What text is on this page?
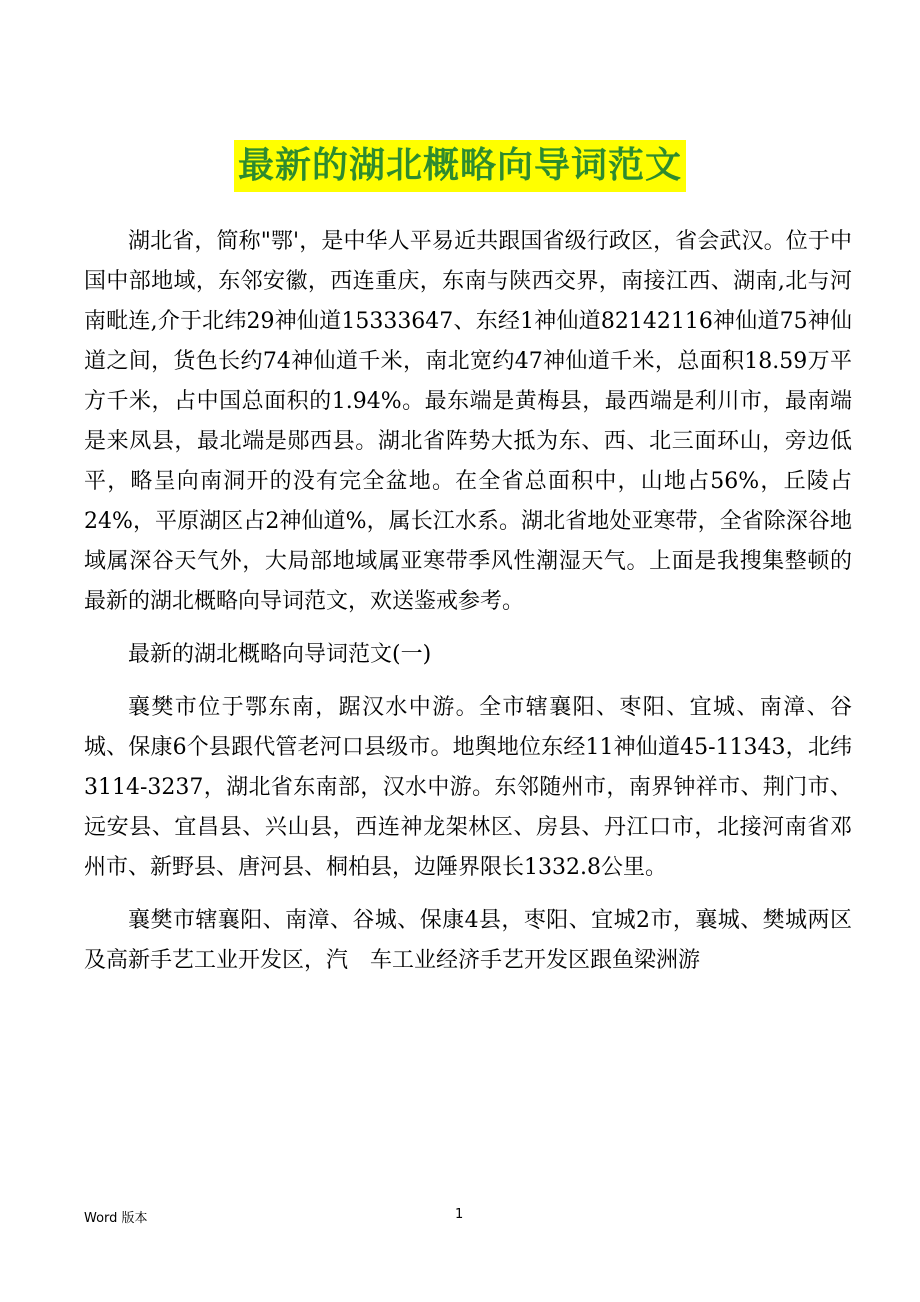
最新的湖北概略向导词范文

湖北省，简称"鄂'，是中华人平易近共跟国省级行政区，省会武汉。位于中国中部地域，东邻安徽，西连重庆，东南与陕西交界，南接江西、湖南,北与河南毗连,介于北纬29神仙道15333647、东经1神仙道82142116神仙道75神仙道之间，货色长约74神仙道千米，南北宽约47神仙道千米，总面积18.59万平方千米，占中国总面积的1.94%。最东端是黄梅县，最西端是利川市，最南端是来凤县，最北端是郧西县。湖北省阵势大抵为东、西、北三面环山，旁边低平，略呈向南洞开的没有完全盆地。在全省总面积中，山地占56%，丘陵占24%，平原湖区占2神仙道%，属长江水系。湖北省地处亚寒带，全省除深谷地域属深谷天气外，大局部地域属亚寒带季风性潮湿天气。上面是我搜集整顿的最新的湖北概略向导词范文，欢送鉴戒参考。

最新的湖北概略向导词范文(一)

襄樊市位于鄂东南，踞汉水中游。全市辖襄阳、枣阳、宜城、南漳、谷城、保康6个县跟代管老河口县级市。地舆地位东经11神仙道45-11343，北纬3114-3237，湖北省东南部，汉水中游。东邻随州市，南界钟祥市、荆门市、远安县、宜昌县、兴山县，西连神龙架林区、房县、丹江口市，北接河南省邓州市、新野县、唐河县、桐柏县，边陲界限长1332.8公里。

襄樊市辖襄阳、南漳、谷城、保康4县，枣阳、宜城2市，襄城、樊城两区及高新手艺工业开发区，汽　车工业经济手艺开发区跟鱼梁洲游

Word 版本	1
